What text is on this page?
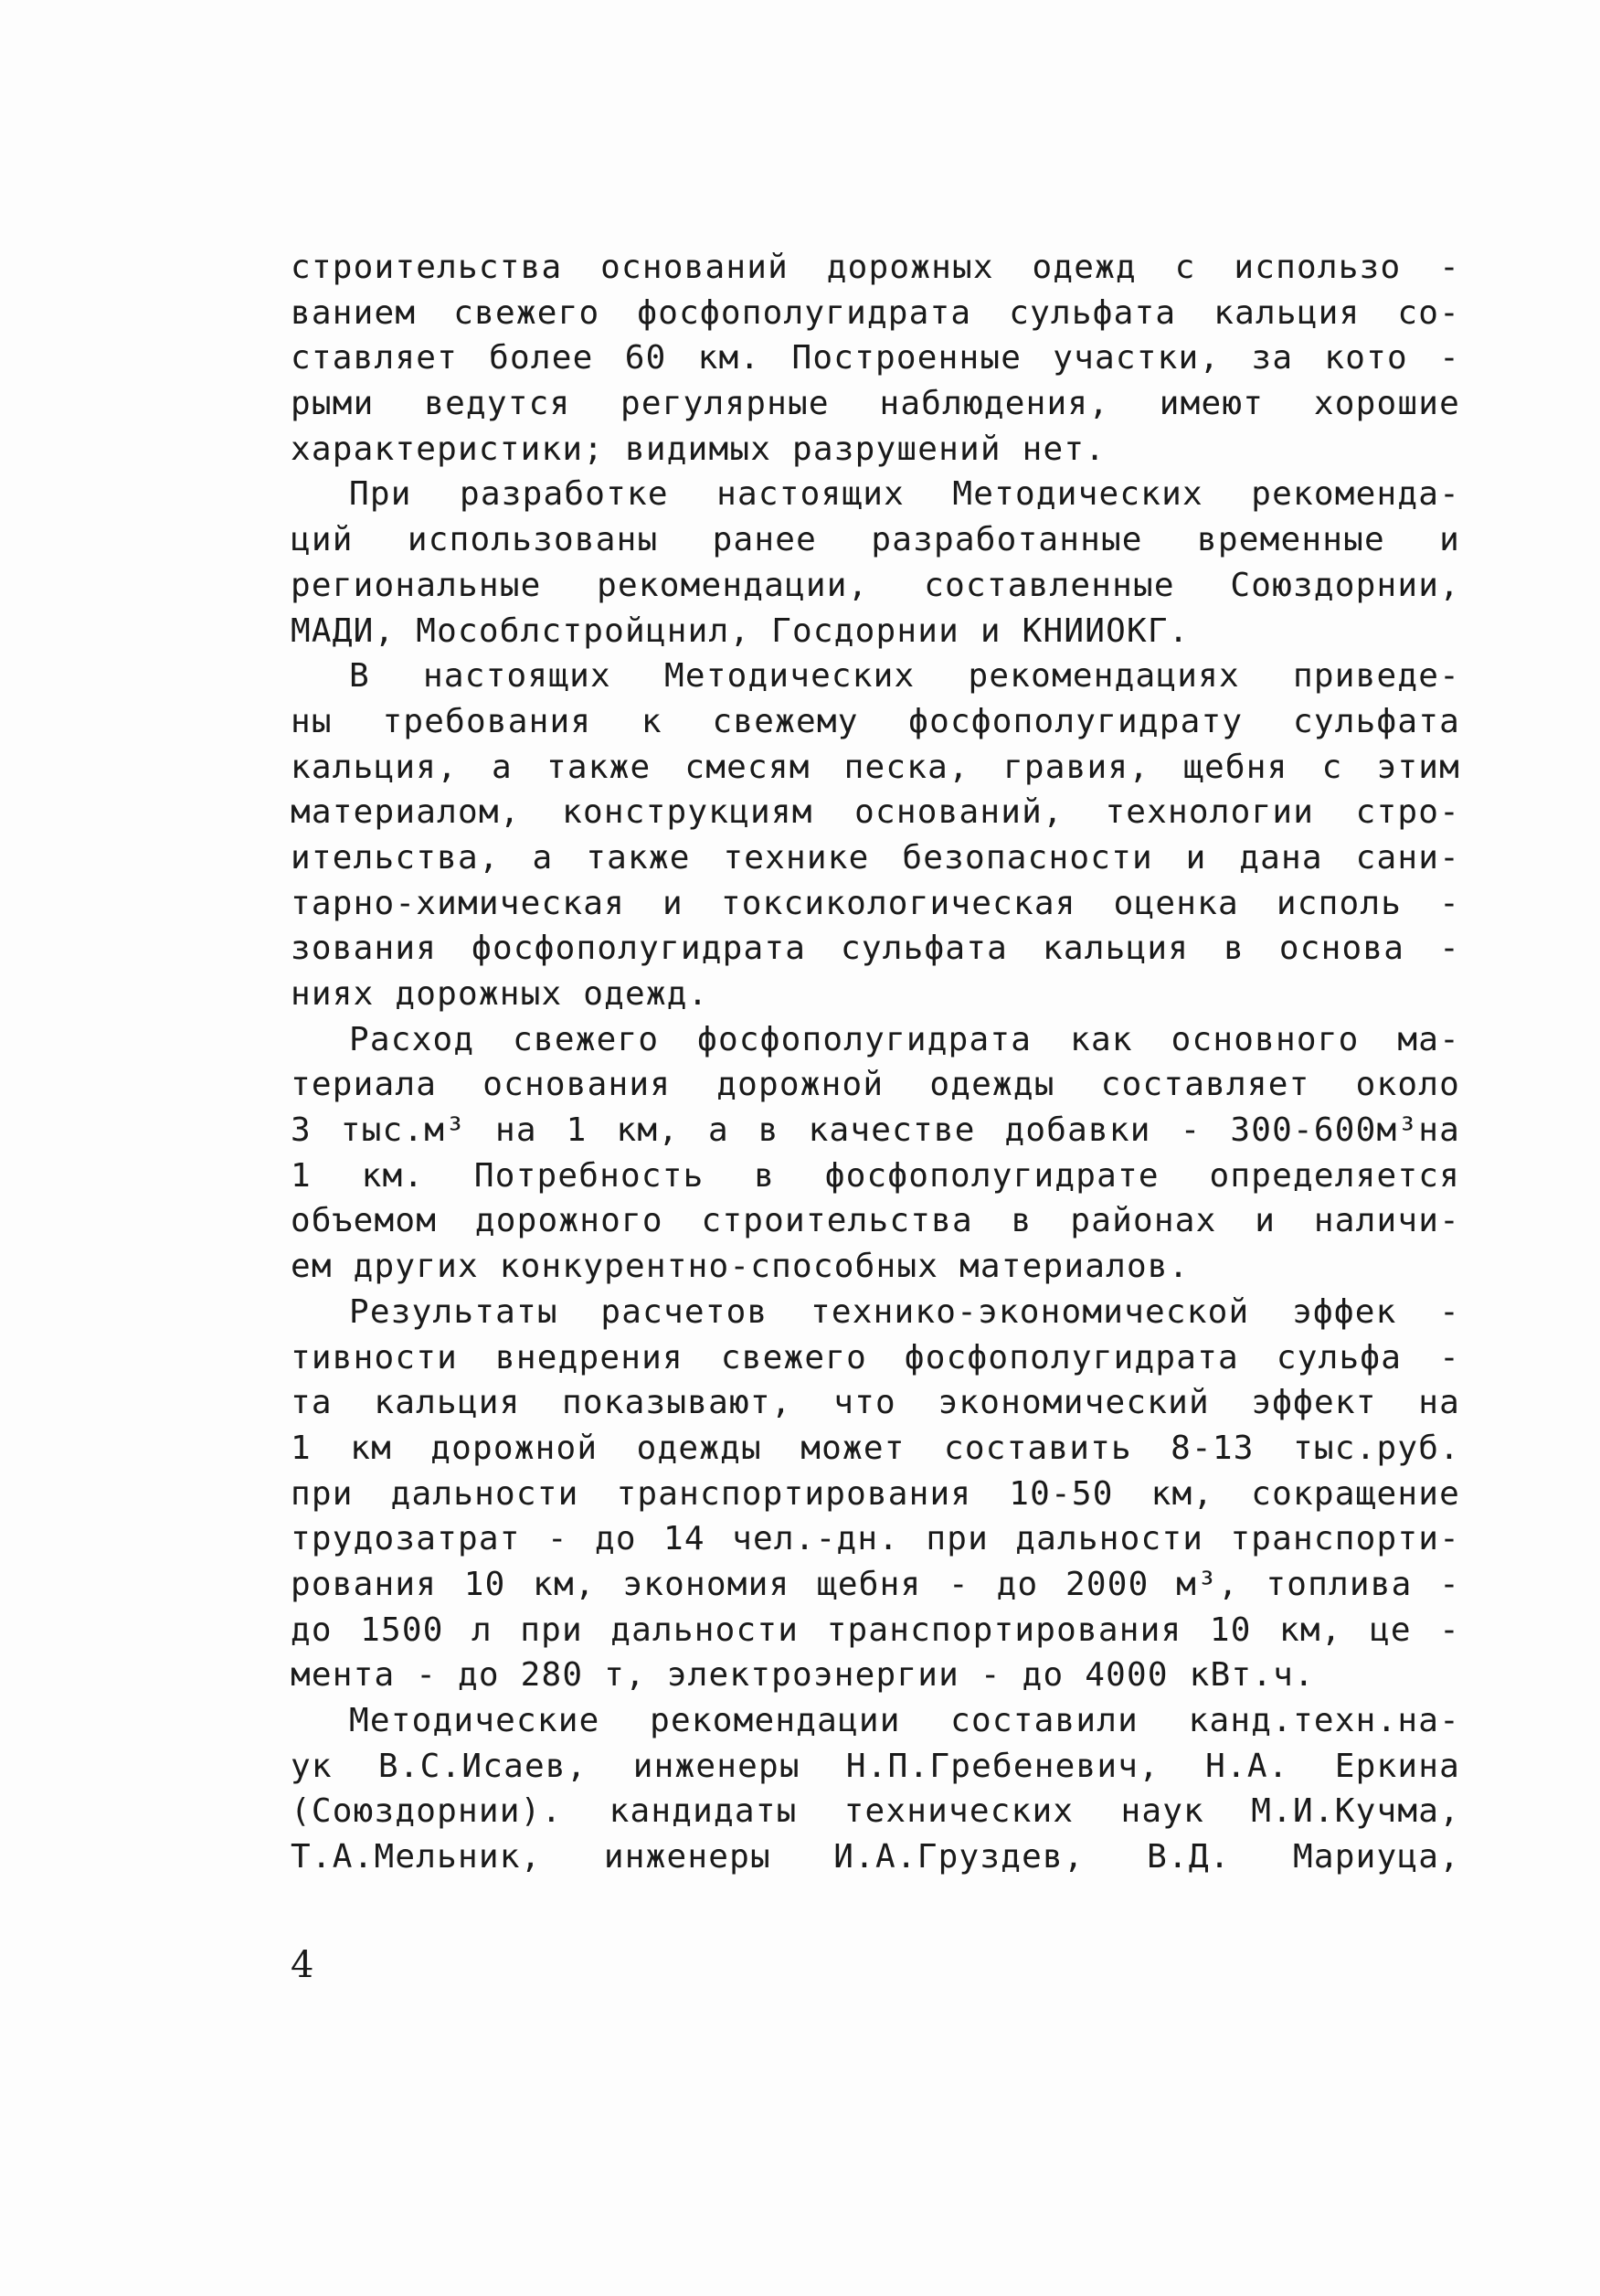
строительства оснований дорожных одежд с использо -
ванием свежего фосфополугидрата сульфата кальция со-
ставляет более 60 км. Построенные участки, за кото -
рыми ведутся регулярные наблюдения, имеют хорошие
характеристики; видимых разрушений нет.
При разработке настоящих Методических рекоменда-
ций использованы ранее разработанные временные и
региональные рекомендации, составленные Союздорнии,
МАДИ, Мособлстройцнил, Госдорнии и КНИИОКГ.
В настоящих Методических рекомендациях приведе-
ны требования к свежему фосфополугидрату сульфата
кальция, а также смесям песка, гравия, щебня с этим
материалом, конструкциям оснований, технологии стро-
ительства, а также технике безопасности и дана сани-
тарно-химическая и токсикологическая оценка исполь -
зования фосфополугидрата сульфата кальция в основа -
ниях дорожных одежд.
Расход свежего фосфополугидрата как основного ма-
териала основания дорожной одежды составляет около
3 тыс.м³ на 1 км, а в качестве добавки - 300-600м³на
1 км. Потребность в фосфополугидрате определяется
объемом дорожного строительства в районах и наличи-
ем других конкурентно-способных материалов.
Результаты расчетов технико-экономической эффек -
тивности внедрения свежего фосфополугидрата сульфа -
та кальция показывают, что экономический эффект на
1 км дорожной одежды может составить 8-13 тыс.руб.
при дальности транспортирования 10-50 км, сокращение
трудозатрат - до 14 чел.-дн. при дальности транспорти-
рования 10 км, экономия щебня - до 2000 м³, топлива -
до 1500 л при дальности транспортирования 10 км, це -
мента - до 280 т, электроэнергии - до 4000 кВт.ч.
Методические рекомендации составили канд.техн.на-
ук В.С.Исаев, инженеры Н.П.Гребеневич, Н.А. Еркина
(Союздорнии). кандидаты технических наук М.И.Кучма,
Т.А.Мельник, инженеры И.А.Груздев, В.Д. Мариуца,
4
